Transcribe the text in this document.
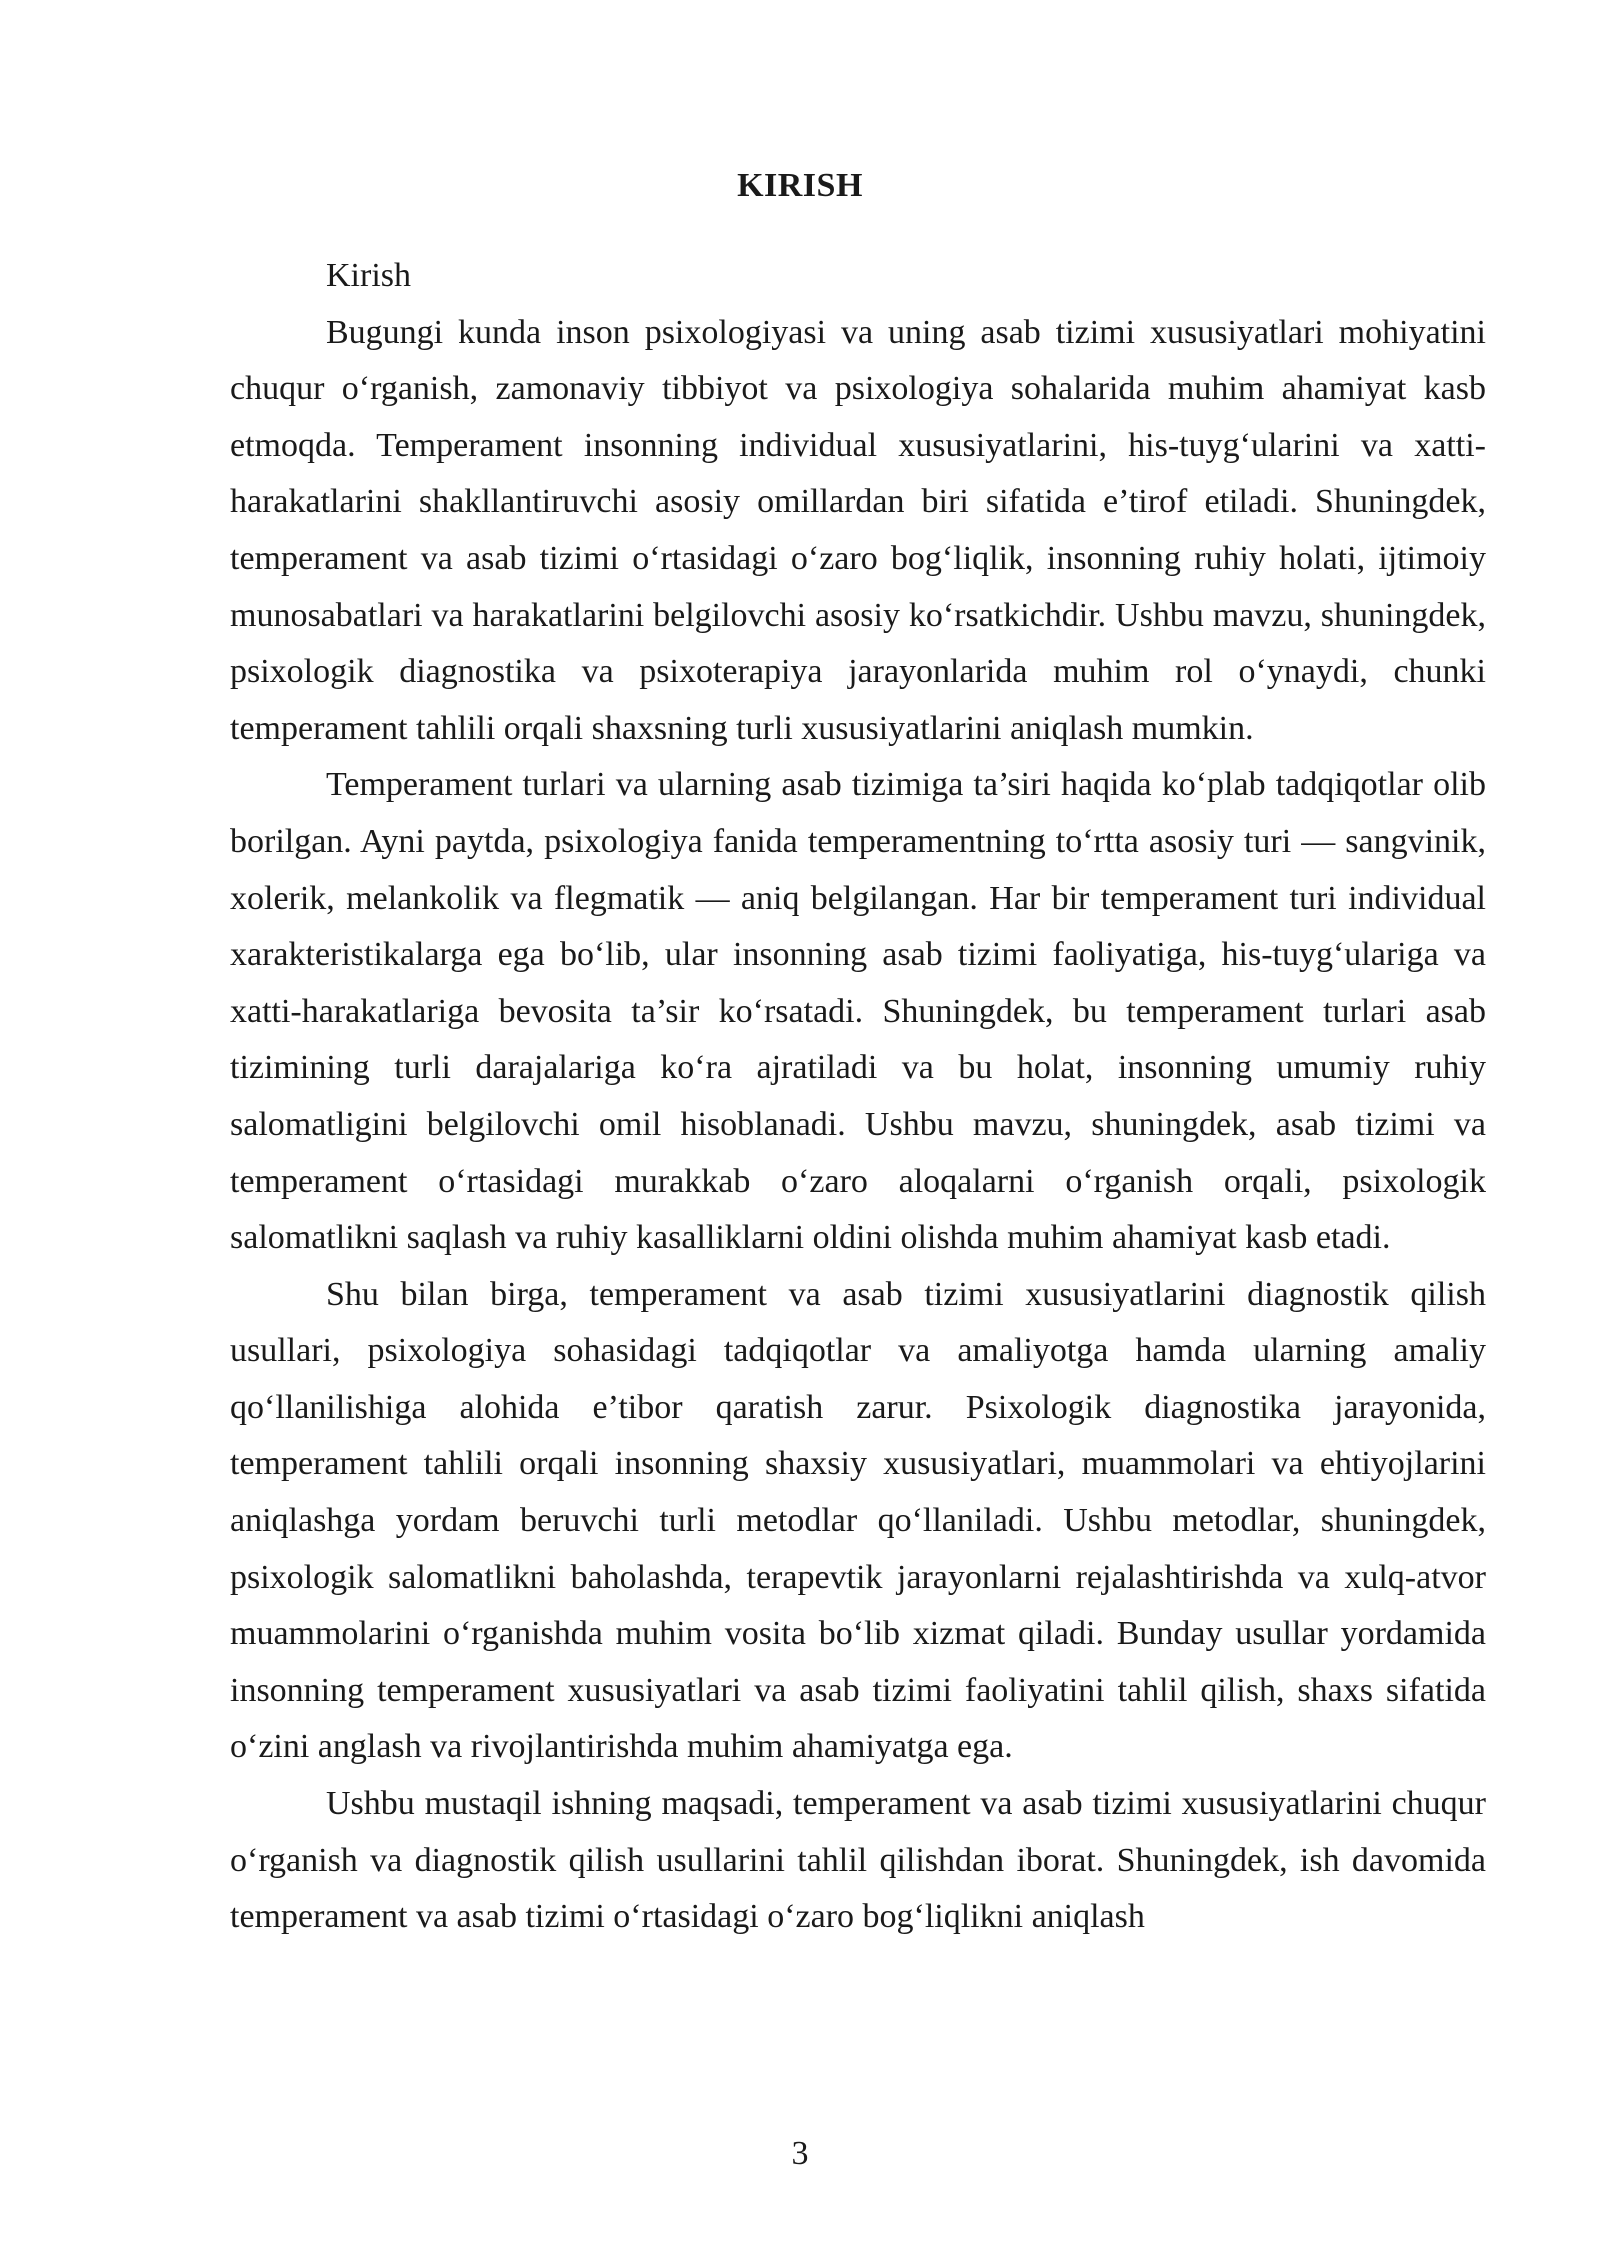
KIRISH

Kirish

Bugungi kunda inson psixologiyasi va uning asab tizimi xususiyatlari mohiyatini chuqur o‘rganish, zamonaviy tibbiyot va psixologiya sohalarida muhim ahamiyat kasb etmoqda. Temperament insonning individual xususiyatlarini, his-tuyg‘ularini va xatti-harakatlarini shakllantiruvchi asosiy omillardan biri sifatida e’tirof etiladi. Shuningdek, temperament va asab tizimi o‘rtasidagi o‘zaro bog‘liqlik, insonning ruhiy holati, ijtimoiy munosabatlari va harakatlarini belgilovchi asosiy ko‘rsatkichdir. Ushbu mavzu, shuningdek, psixologik diagnostika va psixoterapiya jarayonlarida muhim rol o‘ynaydi, chunki temperament tahlili orqali shaxsning turli xususiyatlarini aniqlash mumkin.

Temperament turlari va ularning asab tizimiga ta’siri haqida ko‘plab tadqiqotlar olib borilgan. Ayni paytda, psixologiya fanida temperamentning to‘rtta asosiy turi — sangvinik, xolerik, melankolik va flegmatik — aniq belgilangan. Har bir temperament turi individual xarakteristikalarga ega bo‘lib, ular insonning asab tizimi faoliyatiga, his-tuyg‘ulariga va xatti-harakatlariga bevosita ta’sir ko‘rsatadi. Shuningdek, bu temperament turlari asab tizimining turli darajalariga ko‘ra ajratiladi va bu holat, insonning umumiy ruhiy salomatligini belgilovchi omil hisoblanadi. Ushbu mavzu, shuningdek, asab tizimi va temperament o‘rtasidagi murakkab o‘zaro aloqalarni o‘rganish orqali, psixologik salomatlikni saqlash va ruhiy kasalliklarni oldini olishda muhim ahamiyat kasb etadi.

Shu bilan birga, temperament va asab tizimi xususiyatlarini diagnostik qilish usullari, psixologiya sohasidagi tadqiqotlar va amaliyotga hamda ularning amaliy qo‘llanilishiga alohida e’tibor qaratish zarur. Psixologik diagnostika jarayonida, temperament tahlili orqali insonning shaxsiy xususiyatlari, muammolari va ehtiyojlarini aniqlashga yordam beruvchi turli metodlar qo‘llaniladi. Ushbu metodlar, shuningdek, psixologik salomatlikni baholashda, terapevtik jarayonlarni rejalashtirishda va xulq-atvor muammolarini o‘rganishda muhim vosita bo‘lib xizmat qiladi. Bunday usullar yordamida insonning temperament xususiyatlari va asab tizimi faoliyatini tahlil qilish, shaxs sifatida o‘zini anglash va rivojlantirishda muhim ahamiyatga ega.

Ushbu mustaqil ishning maqsadi, temperament va asab tizimi xususiyatlarini chuqur o‘rganish va diagnostik qilish usullarini tahlil qilishdan iborat. Shuningdek, ish davomida temperament va asab tizimi o‘rtasidagi o‘zaro bog‘liqlikni aniqlash

3
